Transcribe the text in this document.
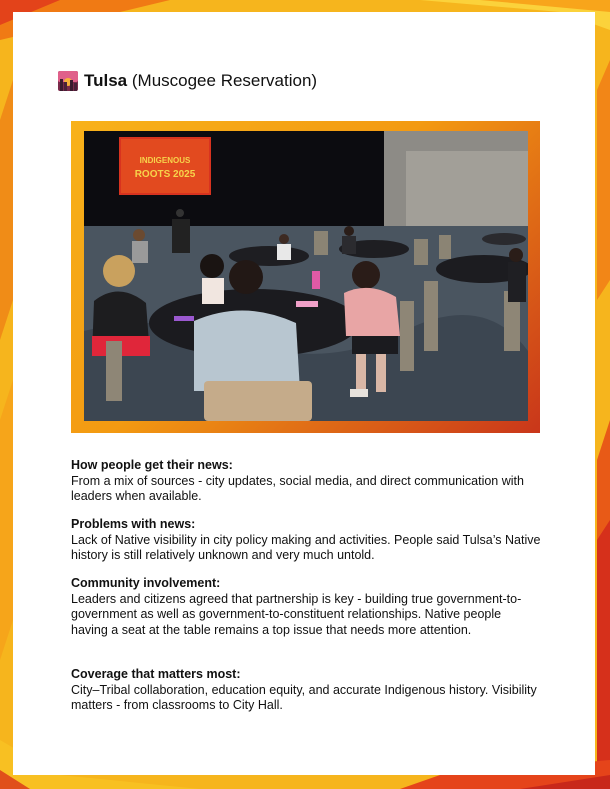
Tulsa
(Muscogee Reservation)
INDIGENOUS
ROOTS 2025
How people get their news:

From a mix of sources - city updates, social media, and direct communication with leaders when available.

Problems with news:

Lack of Native visibility in city policy making and activities. People said Tulsa’s Native history is still relatively unknown and very much untold.

Community involvement:

Leaders and citizens agreed that partnership is key - building true government-to-government as well as government-to-constituent relationships. Native people having a seat at the table remains a top issue that needs more attention.

Coverage that matters most:

City–Tribal collaboration, education equity, and accurate Indigenous history. Visibility matters - from classrooms to City Hall.
